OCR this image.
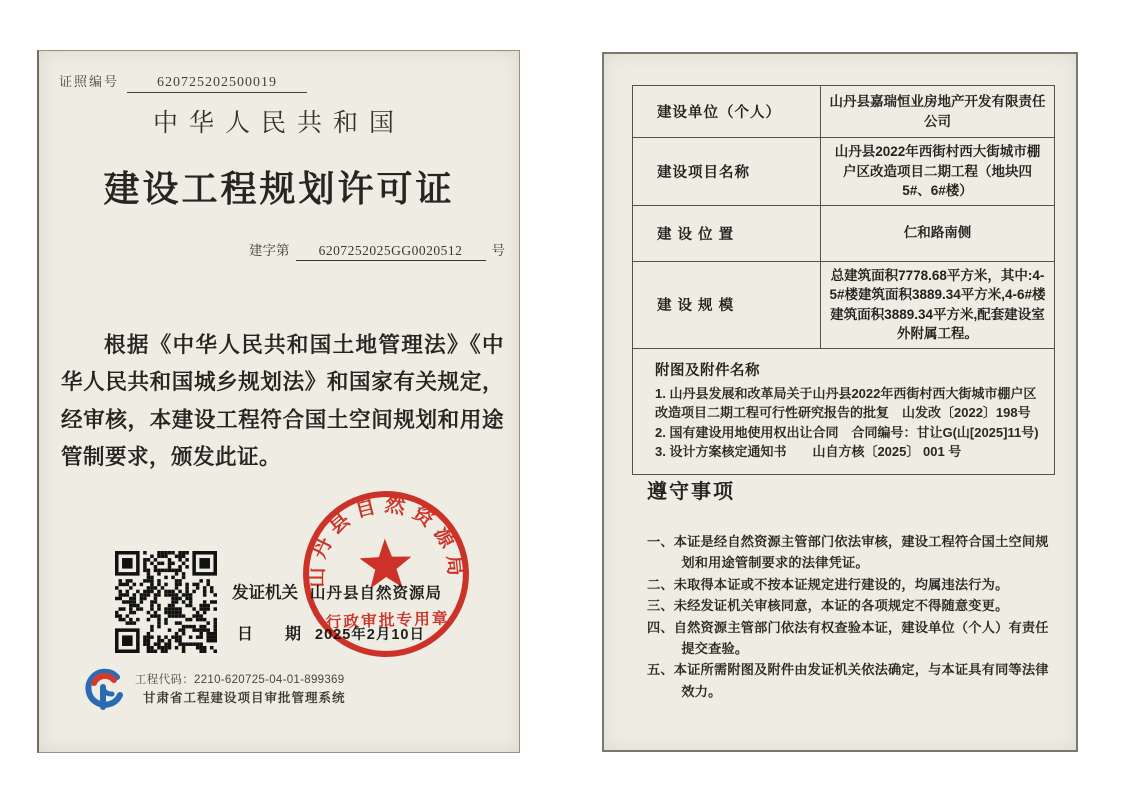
证照编号	620725202500019
中华人民共和国
建设工程规划许可证
建字第 6207252025GG0020512 号
根据《中华人民共和国土地管理法》《中华人民共和国城乡规划法》和国家有关规定，经审核，本建设工程符合国土空间规划和用途管制要求，颁发此证。
发证机关 山丹县自然资源局
日　　期 2025年2月10日
山丹县自然资源局
行政审批专用章
工程代码：2210-620725-04-01-899369
甘肃省工程建设项目审批管理系统
建设单位（个人）	山丹县嘉瑞恒业房地产开发有限责任公司
建设项目名称	山丹县2022年西街村西大街城市棚户区改造项目二期工程（地块四5#、6#楼）
建 设 位 置	仁和路南侧
建 设 规 模	总建筑面积7778.68平方米，其中:4-5#楼建筑面积3889.34平方米,4-6#楼建筑面积3889.34平方米,配套建设室外附属工程。

附图及附件名称
1. 山丹县发展和改革局关于山丹县2022年西街村西大街城市棚户区改造项目二期工程可行性研究报告的批复　山发改〔2022〕198号
2. 国有建设用地使用权出让合同　合同编号：甘让G(山[2025]11号)
3. 设计方案核定通知书　　山自方核〔2025〕 001 号	
遵守事项
一、本证是经自然资源主管部门依法审核，建设工程符合国土空间规划和用途管制要求的法律凭证。
二、未取得本证或不按本证规定进行建设的，均属违法行为。
三、未经发证机关审核同意，本证的各项规定不得随意变更。
四、自然资源主管部门依法有权查验本证，建设单位（个人）有责任提交查验。
五、本证所需附图及附件由发证机关依法确定，与本证具有同等法律效力。
